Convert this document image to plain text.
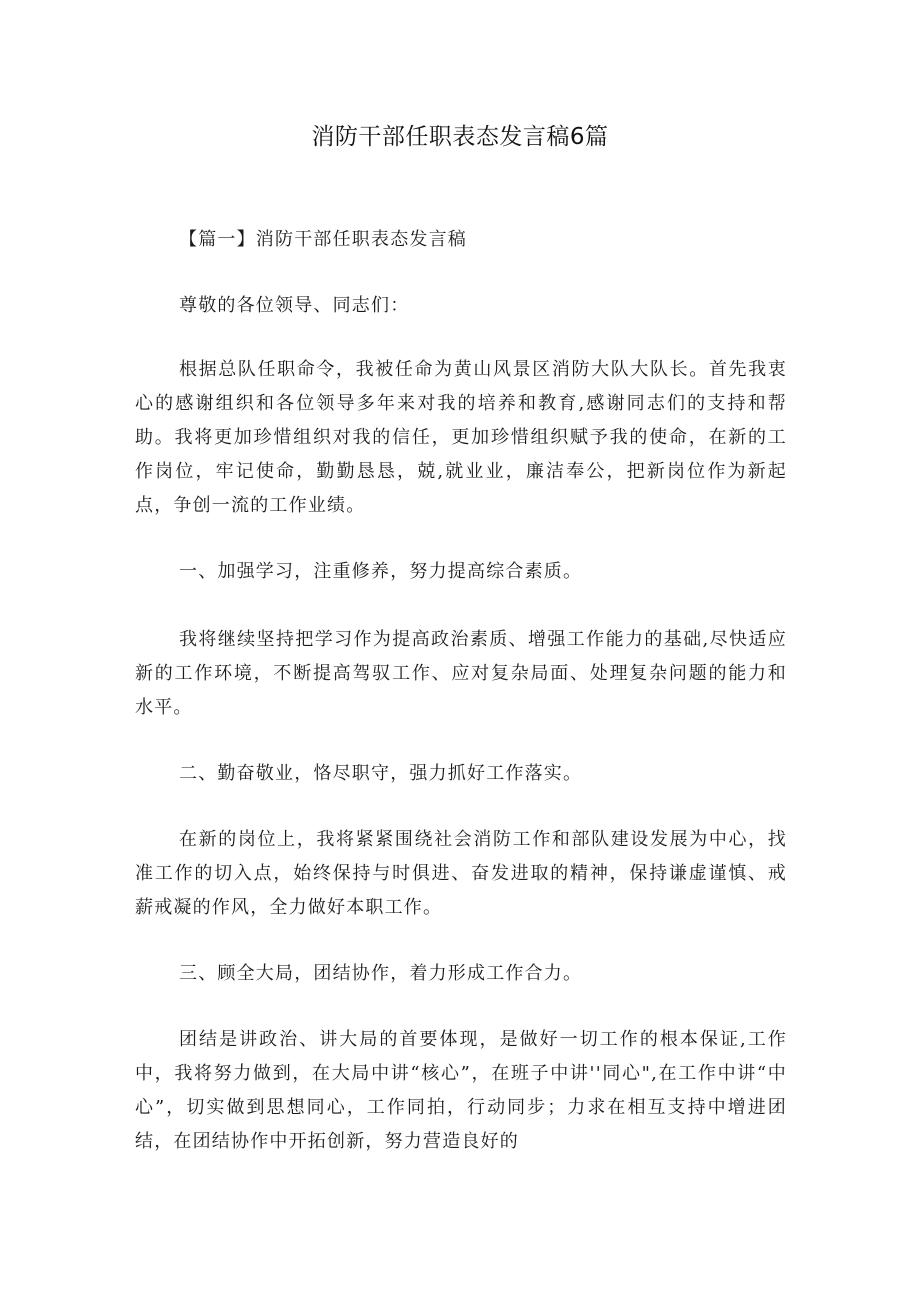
消防干部任职表态发言稿6篇

【篇一】消防干部任职表态发言稿

尊敬的各位领导、同志们：

根据总队任职命令，我被任命为黄山风景区消防大队大队长。首先我衷心的感谢组织和各位领导多年来对我的培养和教育,感谢同志们的支持和帮助。我将更加珍惜组织对我的信任，更加珍惜组织赋予我的使命，在新的工作岗位，牢记使命，勤勤恳恳，兢,就业业，廉洁奉公，把新岗位作为新起点，争创一流的工作业绩。

一、加强学习，注重修养，努力提高综合素质。

我将继续坚持把学习作为提高政治素质、增强工作能力的基础,尽快适应新的工作环境，不断提高驾驭工作、应对复杂局面、处理复杂问题的能力和水平。

二、勤奋敬业，恪尽职守，强力抓好工作落实。

在新的岗位上，我将紧紧围绕社会消防工作和部队建设发展为中心，找准工作的切入点，始终保持与时俱进、奋发进取的精神，保持谦虚谨慎、戒薪戒凝的作风，全力做好本职工作。

三、顾全大局，团结协作，着力形成工作合力。

团结是讲政治、讲大局的首要体现，是做好一切工作的根本保证,工作中，我将努力做到，在大局中讲“核心”，在班子中讲''同心",在工作中讲“中心”，切实做到思想同心，工作同拍，行动同步；力求在相互支持中增进团结，在团结协作中开拓创新，努力营造良好的
